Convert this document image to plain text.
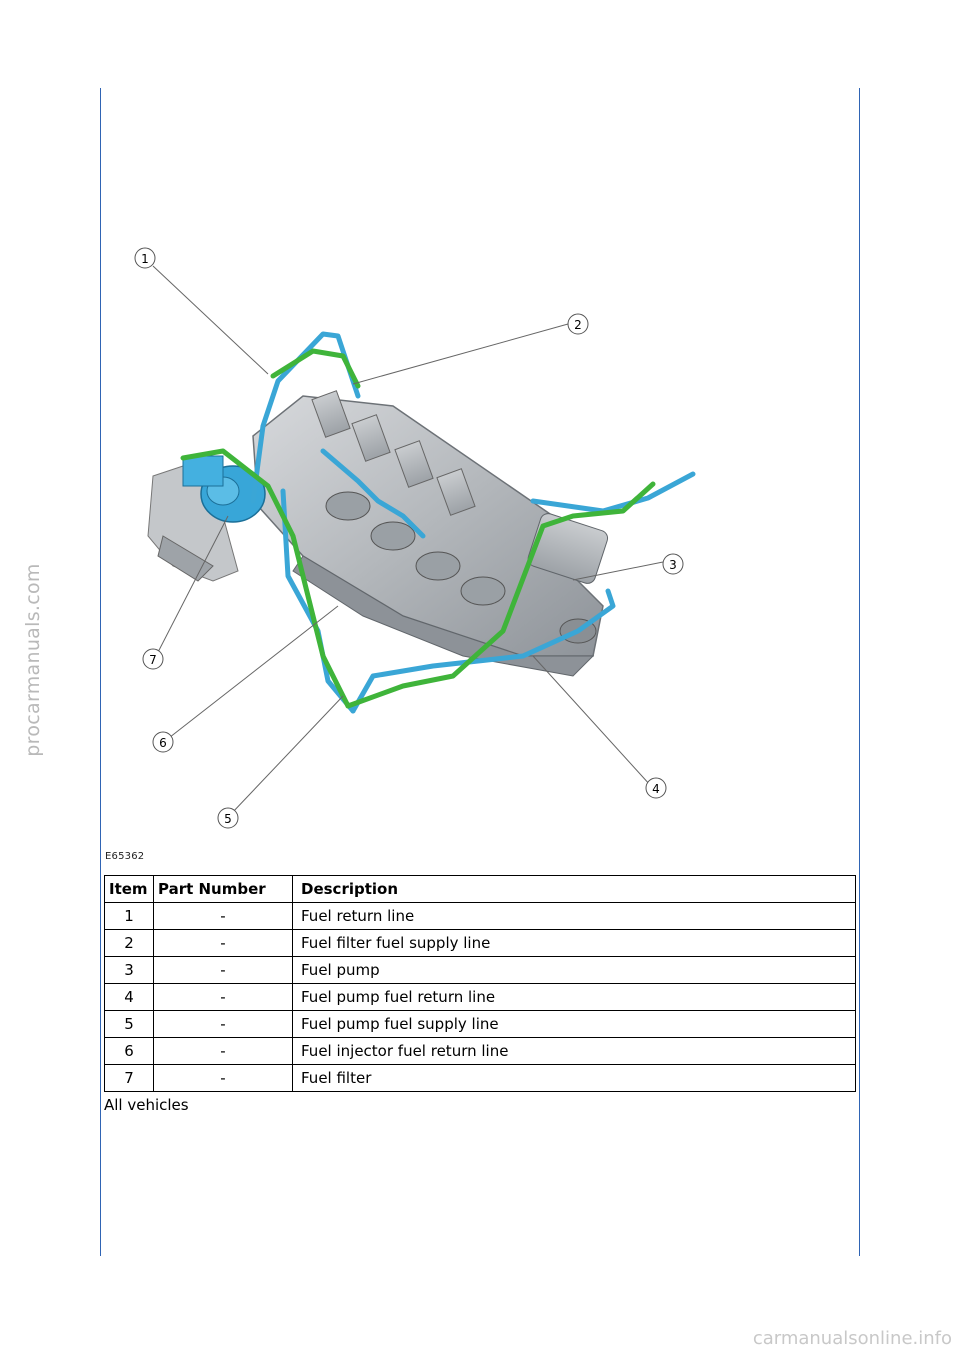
procarmanuals.com
carmanualsonline.info
1
2
3
4
5
6
7
E65362
Item	Part Number	Description
1	-	Fuel return line
2	-	Fuel filter fuel supply line
3	-	Fuel pump
4	-	Fuel pump fuel return line
5	-	Fuel pump fuel supply line
6	-	Fuel injector fuel return line
7	-	Fuel filter
All vehicles
